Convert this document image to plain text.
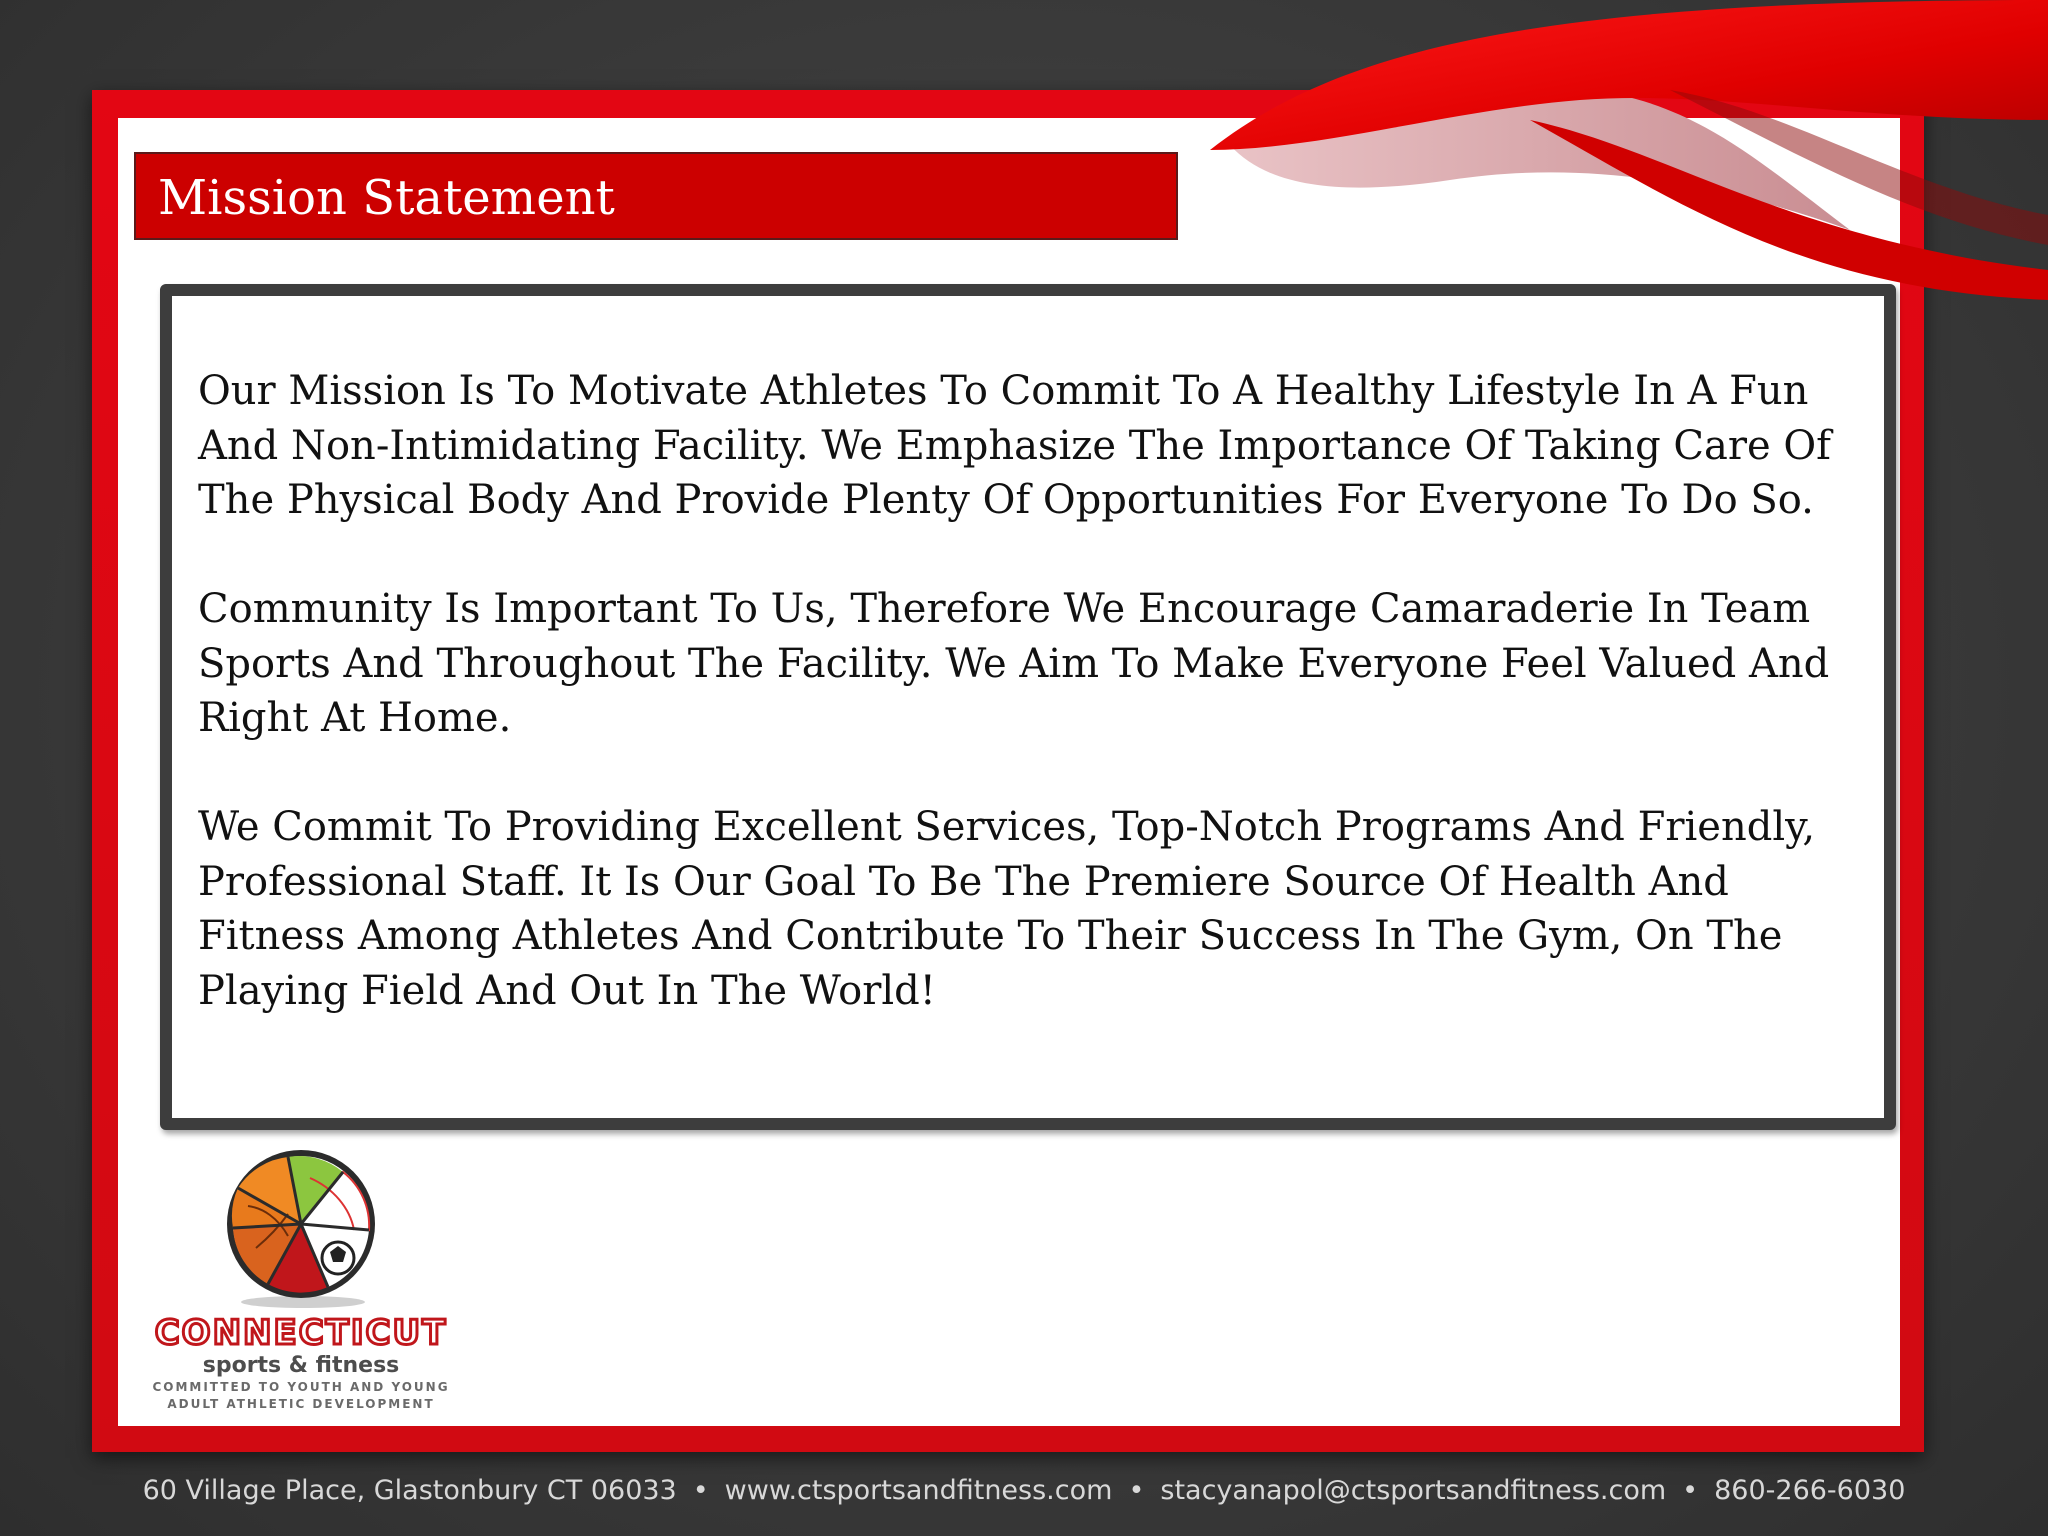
Mission Statement

Our Mission Is To Motivate Athletes To Commit To A Healthy Lifestyle In A Fun And Non-Intimidating Facility. We Emphasize The Importance Of Taking Care Of The Physical Body And Provide Plenty Of Opportunities For Everyone To Do So.

Community Is Important To Us, Therefore We Encourage Camaraderie In Team Sports And Throughout The Facility. We Aim To Make Everyone Feel Valued And Right At Home.

We Commit To Providing Excellent Services, Top-Notch Programs And Friendly, Professional Staff. It Is Our Goal To Be The Premiere Source Of Health And Fitness Among Athletes And Contribute To Their Success In The Gym, On The Playing Field And Out In The World!

CONNECTICUT
sports & fitness
COMMITTED TO YOUTH AND YOUNG
ADULT ATHLETIC DEVELOPMENT
60 Village Place, Glastonbury CT 06033 • www.ctsportsandfitness.com • stacyanapol@ctsportsandfitness.com • 860-266-6030
